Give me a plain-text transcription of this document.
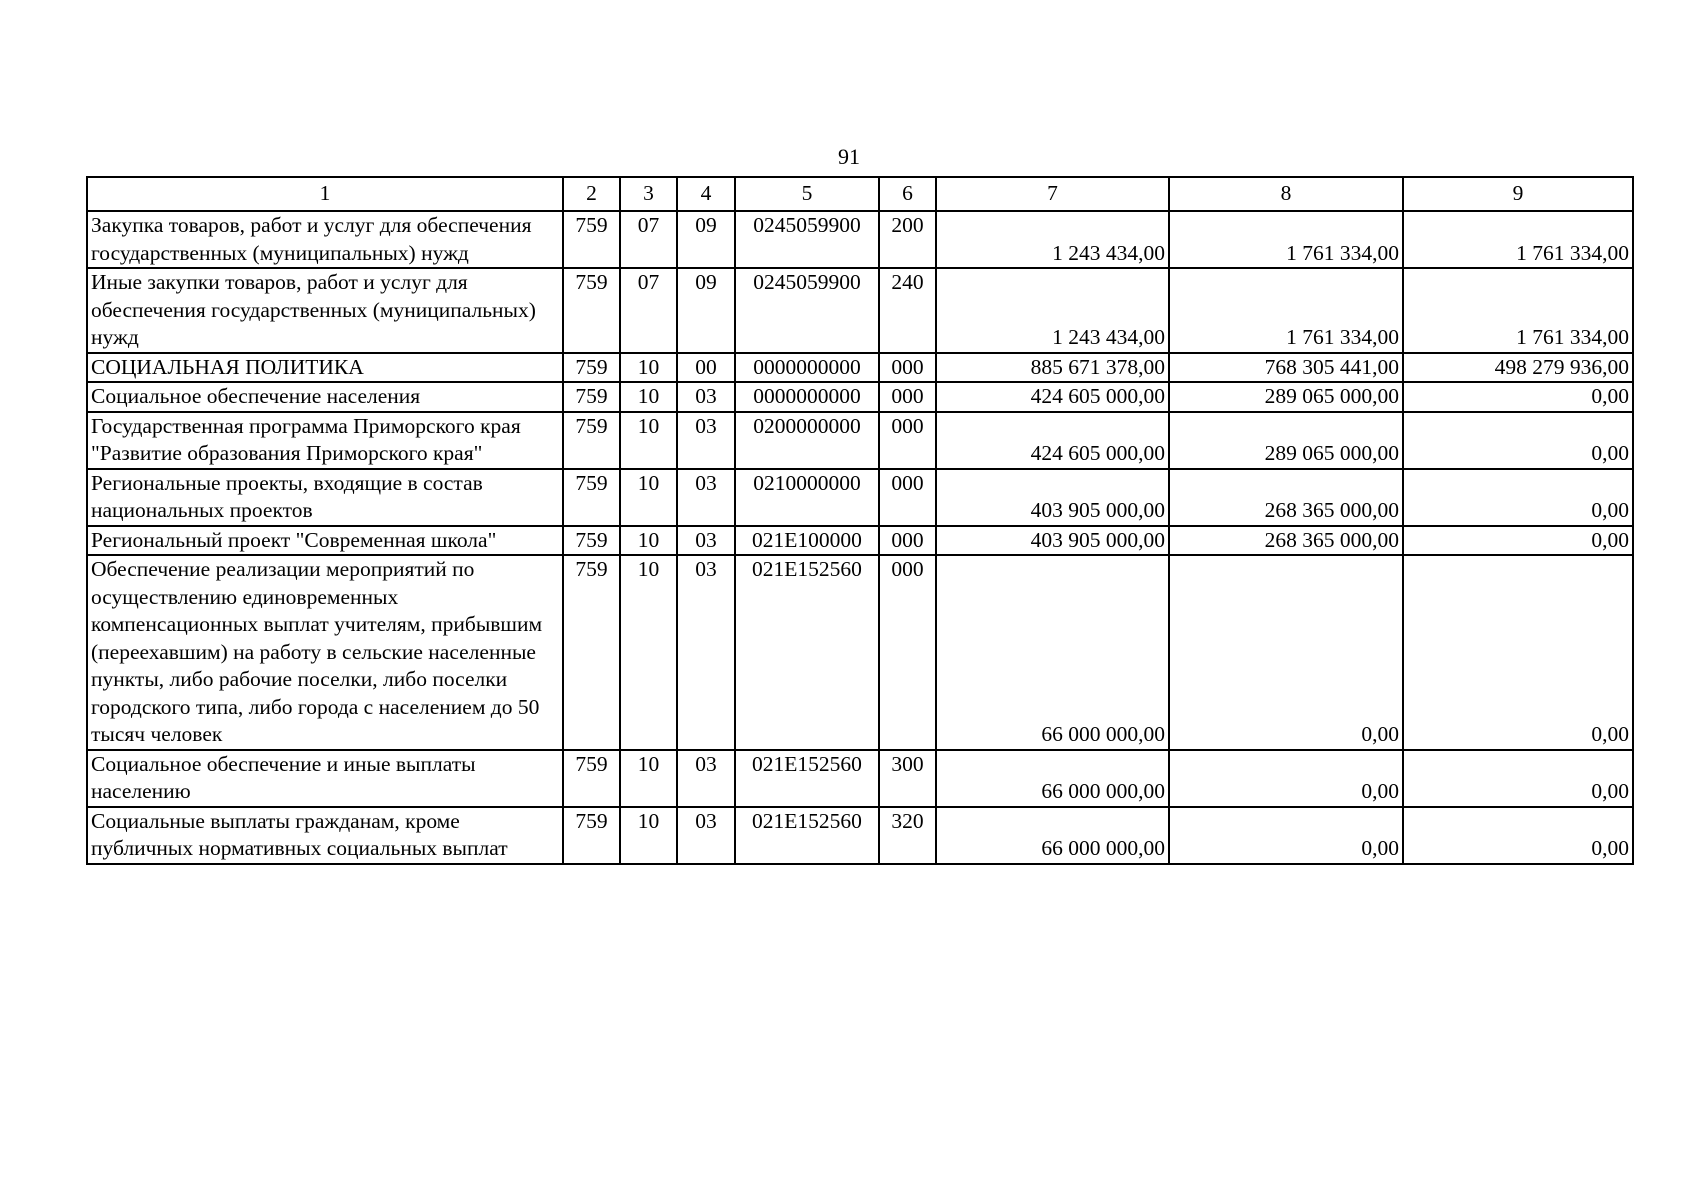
91
1	2	3	4	5	6	7	8	9
Закупка товаров, работ и услуг для обеспечения государственных (муниципальных) нужд	759	07	09	0245059900	200	1 243 434,00	1 761 334,00	1 761 334,00
Иные закупки товаров, работ и услуг для обеспечения государственных (муниципальных) нужд	759	07	09	0245059900	240	1 243 434,00	1 761 334,00	1 761 334,00
СОЦИАЛЬНАЯ ПОЛИТИКА	759	10	00	0000000000	000	885 671 378,00	768 305 441,00	498 279 936,00
Социальное обеспечение населения	759	10	03	0000000000	000	424 605 000,00	289 065 000,00	0,00
Государственная программа Приморского края "Развитие образования Приморского края"	759	10	03	0200000000	000	424 605 000,00	289 065 000,00	0,00
Региональные проекты, входящие в состав национальных проектов	759	10	03	0210000000	000	403 905 000,00	268 365 000,00	0,00
Региональный проект "Современная школа"	759	10	03	021E100000	000	403 905 000,00	268 365 000,00	0,00
Обеспечение реализации мероприятий по осуществлению единовременных компенсационных выплат учителям, прибывшим (переехавшим) на работу в сельские населенные пункты, либо рабочие поселки, либо поселки городского типа, либо города с населением до 50 тысяч человек	759	10	03	021E152560	000	66 000 000,00	0,00	0,00
Социальное обеспечение и иные выплаты населению	759	10	03	021E152560	300	66 000 000,00	0,00	0,00
Социальные выплаты гражданам, кроме публичных нормативных социальных выплат	759	10	03	021E152560	320	66 000 000,00	0,00	0,00
